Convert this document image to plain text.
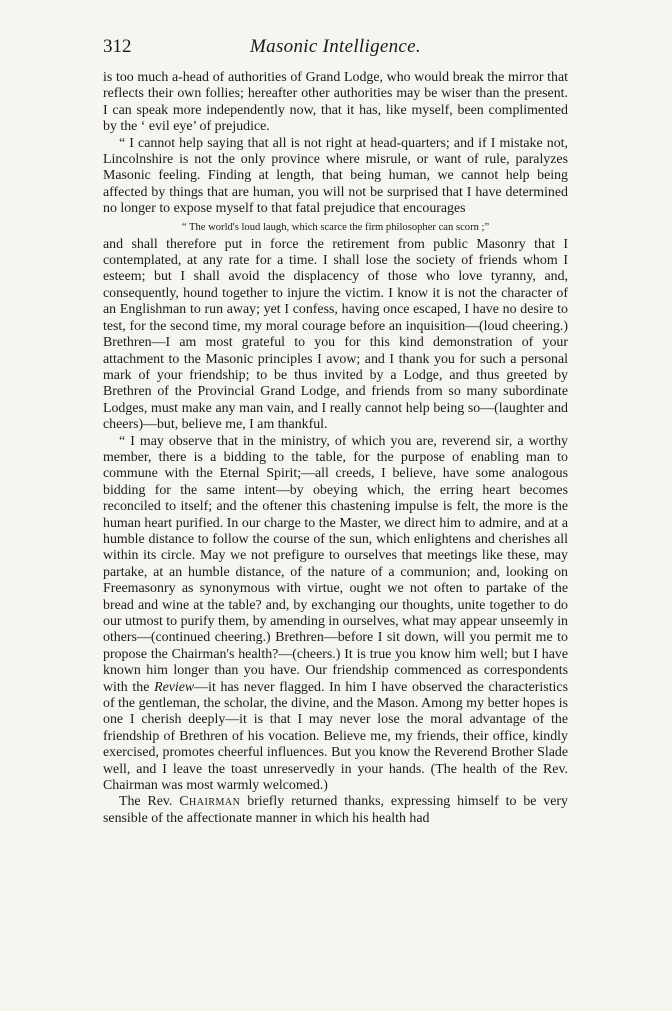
312	Masonic Intelligence.

is too much a-head of authorities of Grand Lodge, who would break the mirror that reflects their own follies; hereafter other authorities may be wiser than the present. I can speak more independently now, that it has, like myself, been complimented by the ‘ evil eye’ of prejudice.

“ I cannot help saying that all is not right at head-quarters; and if I mistake not, Lincolnshire is not the only province where misrule, or want of rule, paralyzes Masonic feeling. Finding at length, that being human, we cannot help being affected by things that are human, you will not be surprised that I have determined no longer to expose myself to that fatal prejudice that encourages

“ The world's loud laugh, which scarce the firm philosopher can scorn ;”

and shall therefore put in force the retirement from public Masonry that I contemplated, at any rate for a time. I shall lose the society of friends whom I esteem; but I shall avoid the displacency of those who love tyranny, and, consequently, hound together to injure the victim. I know it is not the character of an Englishman to run away; yet I confess, having once escaped, I have no desire to test, for the second time, my moral courage before an inquisition—(loud cheering.) Brethren—I am most grateful to you for this kind demonstration of your attachment to the Masonic principles I avow; and I thank you for such a personal mark of your friendship; to be thus invited by a Lodge, and thus greeted by Brethren of the Provincial Grand Lodge, and friends from so many subordinate Lodges, must make any man vain, and I really cannot help being so—(laughter and cheers)—but, believe me, I am thankful.

“ I may observe that in the ministry, of which you are, reverend sir, a worthy member, there is a bidding to the table, for the purpose of enabling man to commune with the Eternal Spirit;—all creeds, I believe, have some analogous bidding for the same intent—by obeying which, the erring heart becomes reconciled to itself; and the oftener this chastening impulse is felt, the more is the human heart purified. In our charge to the Master, we direct him to admire, and at a humble distance to follow the course of the sun, which enlightens and cherishes all within its circle. May we not prefigure to ourselves that meetings like these, may partake, at an humble distance, of the nature of a communion; and, looking on Freemasonry as synonymous with virtue, ought we not often to partake of the bread and wine at the table? and, by exchanging our thoughts, unite together to do our utmost to purify them, by amending in ourselves, what may appear unseemly in others—(continued cheering.) Brethren—before I sit down, will you permit me to propose the Chairman's health?—(cheers.) It is true you know him well; but I have known him longer than you have. Our friendship commenced as correspondents with the Review—it has never flagged. In him I have observed the characteristics of the gentleman, the scholar, the divine, and the Mason. Among my better hopes is one I cherish deeply—it is that I may never lose the moral advantage of the friendship of Brethren of his vocation. Believe me, my friends, their office, kindly exercised, promotes cheerful influences. But you know the Reverend Brother Slade well, and I leave the toast unreservedly in your hands. (The health of the Rev. Chairman was most warmly welcomed.)

The Rev. Chairman briefly returned thanks, expressing himself to be very sensible of the affectionate manner in which his health had
